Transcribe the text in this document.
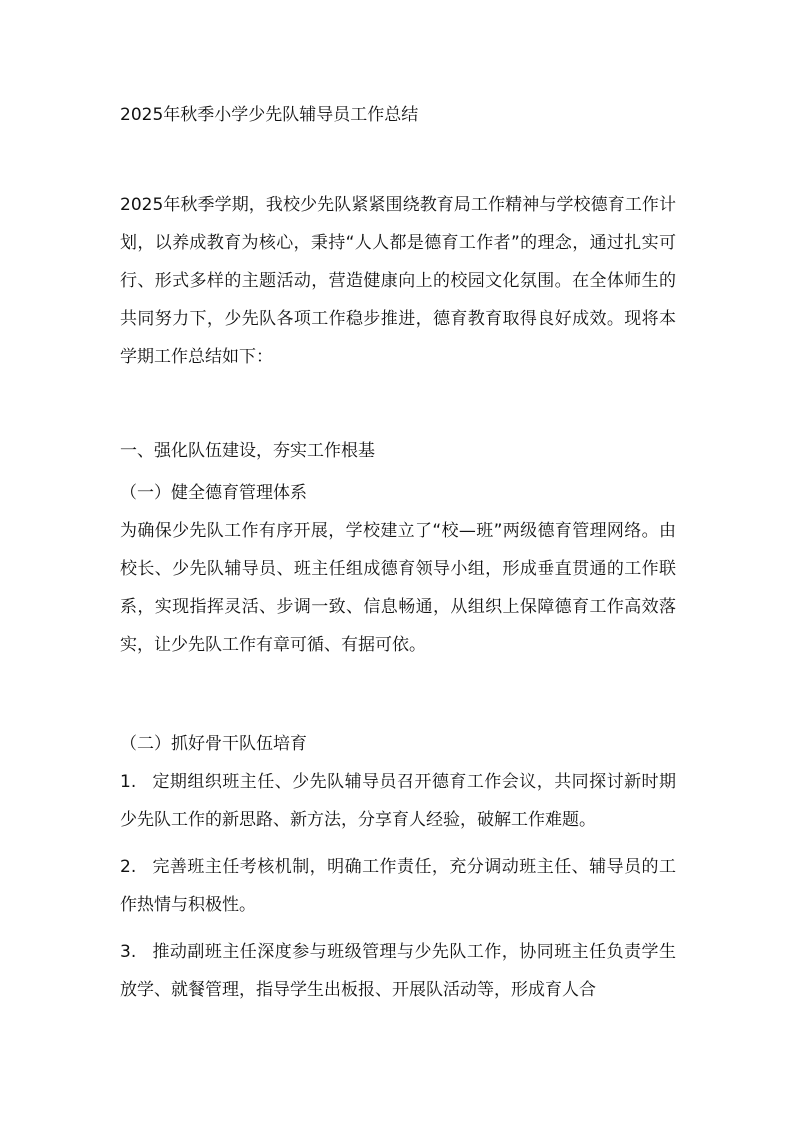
2025年秋季小学少先队辅导员工作总结
2025年秋季学期，我校少先队紧紧围绕教育局工作精神与学校德育工作计划，以养成教育为核心，秉持“人人都是德育工作者”的理念，通过扎实可行、形式多样的主题活动，营造健康向上的校园文化氛围。在全体师生的共同努力下，少先队各项工作稳步推进，德育教育取得良好成效。现将本学期工作总结如下：
一、强化队伍建设，夯实工作根基
（一）健全德育管理体系
为确保少先队工作有序开展，学校建立了“校—班”两级德育管理网络。由校长、少先队辅导员、班主任组成德育领导小组，形成垂直贯通的工作联系，实现指挥灵活、步调一致、信息畅通，从组织上保障德育工作高效落实，让少先队工作有章可循、有据可依。
（二）抓好骨干队伍培育
1. 定期组织班主任、少先队辅导员召开德育工作会议，共同探讨新时期少先队工作的新思路、新方法，分享育人经验，破解工作难题。
2. 完善班主任考核机制，明确工作责任，充分调动班主任、辅导员的工作热情与积极性。
3. 推动副班主任深度参与班级管理与少先队工作，协同班主任负责学生放学、就餐管理，指导学生出板报、开展队活动等，形成育人合
